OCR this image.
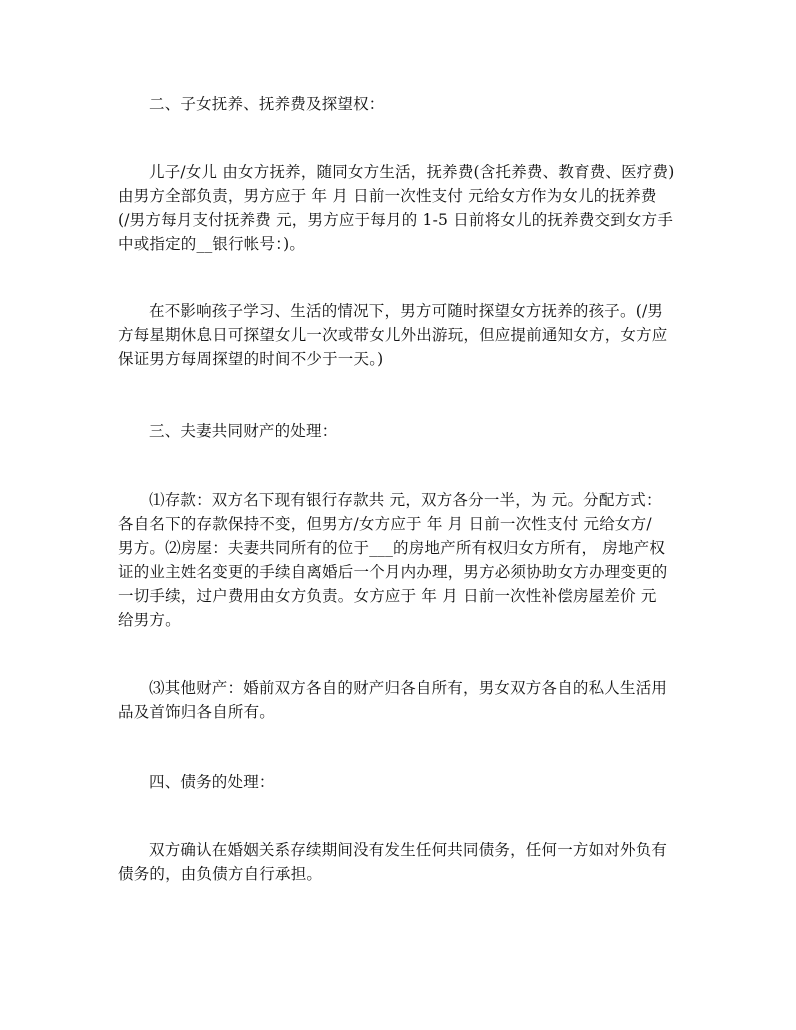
二、子女抚养、抚养费及探望权：

儿子/女儿 由女方抚养，随同女方生活，抚养费(含托养费、教育费、医疗费)
由男方全部负责，男方应于 年 月 日前一次性支付 元给女方作为女儿的抚养费
(/男方每月支付抚养费 元，男方应于每月的 1-5 日前将女儿的抚养费交到女方手
中或指定的__银行帐号：)。

在不影响孩子学习、生活的情况下，男方可随时探望女方抚养的孩子。(/男
方每星期休息日可探望女儿一次或带女儿外出游玩，但应提前通知女方，女方应
保证男方每周探望的时间不少于一天。)

三、夫妻共同财产的处理：

⑴存款：双方名下现有银行存款共 元，双方各分一半，为 元。分配方式：
各自名下的存款保持不变，但男方/女方应于 年 月 日前一次性支付 元给女方/
男方。⑵房屋：夫妻共同所有的位于___的房地产所有权归女方所有， 房地产权
证的业主姓名变更的手续自离婚后一个月内办理，男方必须协助女方办理变更的
一切手续，过户费用由女方负责。女方应于 年 月 日前一次性补偿房屋差价 元
给男方。

⑶其他财产：婚前双方各自的财产归各自所有，男女双方各自的私人生活用
品及首饰归各自所有。

四、债务的处理：

双方确认在婚姻关系存续期间没有发生任何共同债务，任何一方如对外负有
债务的，由负债方自行承担。
